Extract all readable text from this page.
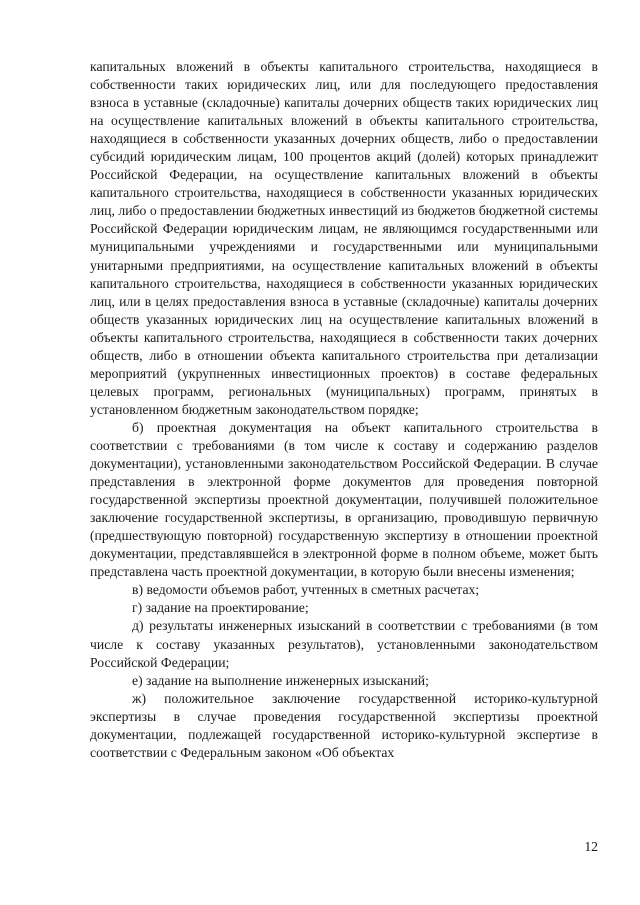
капитальных вложений в объекты капитального строительства, находящиеся в собственности таких юридических лиц, или для последующего предоставления взноса в уставные (складочные) капиталы дочерних обществ таких юридических лиц на осуществление капитальных вложений в объекты капитального строительства, находящиеся в собственности указанных дочерних обществ, либо о предоставлении субсидий юридическим лицам, 100 процентов акций (долей) которых принадлежит Российской Федерации, на осуществление капитальных вложений в объекты капитального строительства, находящиеся в собственности указанных юридических лиц, либо о предоставлении бюджетных инвестиций из бюджетов бюджетной системы Российской Федерации юридическим лицам, не являющимся государственными или муниципальными учреждениями и государственными или муниципальными унитарными предприятиями, на осуществление капитальных вложений в объекты капитального строительства, находящиеся в собственности указанных юридических лиц, или в целях предоставления взноса в уставные (складочные) капиталы дочерних обществ указанных юридических лиц на осуществление капитальных вложений в объекты капитального строительства, находящиеся в собственности таких дочерних обществ, либо в отношении объекта капитального строительства при детализации мероприятий (укрупненных инвестиционных проектов) в составе федеральных целевых программ, региональных (муниципальных) программ, принятых в установленном бюджетным законодательством порядке;

б) проектная документация на объект капитального строительства в соответствии с требованиями (в том числе к составу и содержанию разделов документации), установленными законодательством Российской Федерации. В случае представления в электронной форме документов для проведения повторной государственной экспертизы проектной документации, получившей положительное заключение государственной экспертизы, в организацию, проводившую первичную (предшествующую повторной) государственную экспертизу в отношении проектной документации, представлявшейся в электронной форме в полном объеме, может быть представлена часть проектной документации, в которую были внесены изменения;

в) ведомости объемов работ, учтенных в сметных расчетах;

г) задание на проектирование;

д) результаты инженерных изысканий в соответствии с требованиями (в том числе к составу указанных результатов), установленными законодательством Российской Федерации;

е) задание на выполнение инженерных изысканий;

ж) положительное заключение государственной историко-культурной экспертизы в случае проведения государственной экспертизы проектной документации, подлежащей государственной историко-культурной экспертизе в соответствии с Федеральным законом «Об объектах

12
